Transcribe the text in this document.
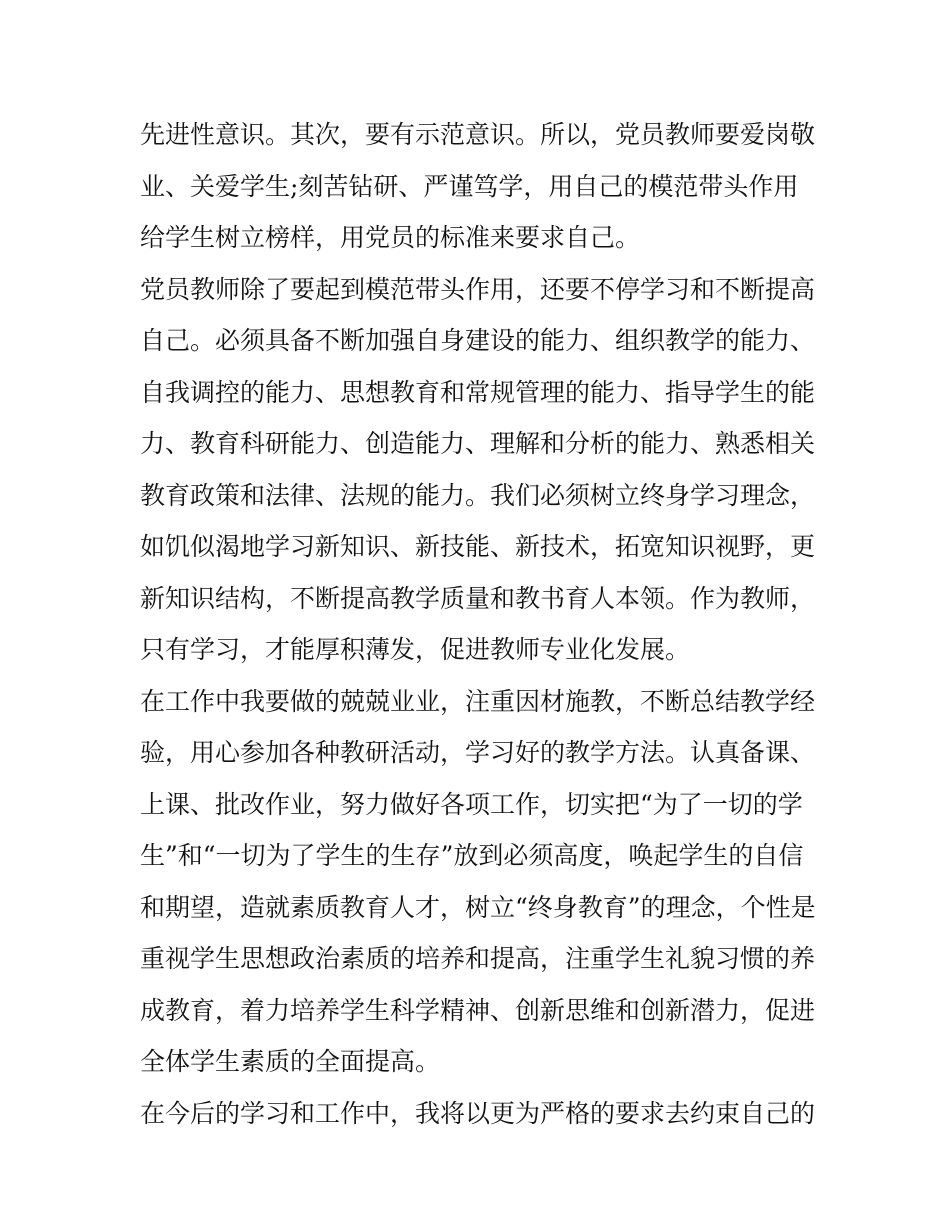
先进性意识。其次，要有示范意识。所以，党员教师要爱岗敬
业、关爱学生;刻苦钻研、严谨笃学，用自己的模范带头作用
给学生树立榜样，用党员的标准来要求自己。
党员教师除了要起到模范带头作用，还要不停学习和不断提高
自己。必须具备不断加强自身建设的能力、组织教学的能力、
自我调控的能力、思想教育和常规管理的能力、指导学生的能
力、教育科研能力、创造能力、理解和分析的能力、熟悉相关
教育政策和法律、法规的能力。我们必须树立终身学习理念，
如饥似渴地学习新知识、新技能、新技术，拓宽知识视野，更
新知识结构，不断提高教学质量和教书育人本领。作为教师，
只有学习，才能厚积薄发，促进教师专业化发展。
在工作中我要做的兢兢业业，注重因材施教，不断总结教学经
验，用心参加各种教研活动，学习好的教学方法。认真备课、
上课、批改作业，努力做好各项工作，切实把“为了一切的学
生”和“一切为了学生的生存”放到必须高度，唤起学生的自信
和期望，造就素质教育人才，树立“终身教育”的理念，个性是
重视学生思想政治素质的培养和提高，注重学生礼貌习惯的养
成教育，着力培养学生科学精神、创新思维和创新潜力，促进
全体学生素质的全面提高。
在今后的学习和工作中，我将以更为严格的要求去约束自己的
